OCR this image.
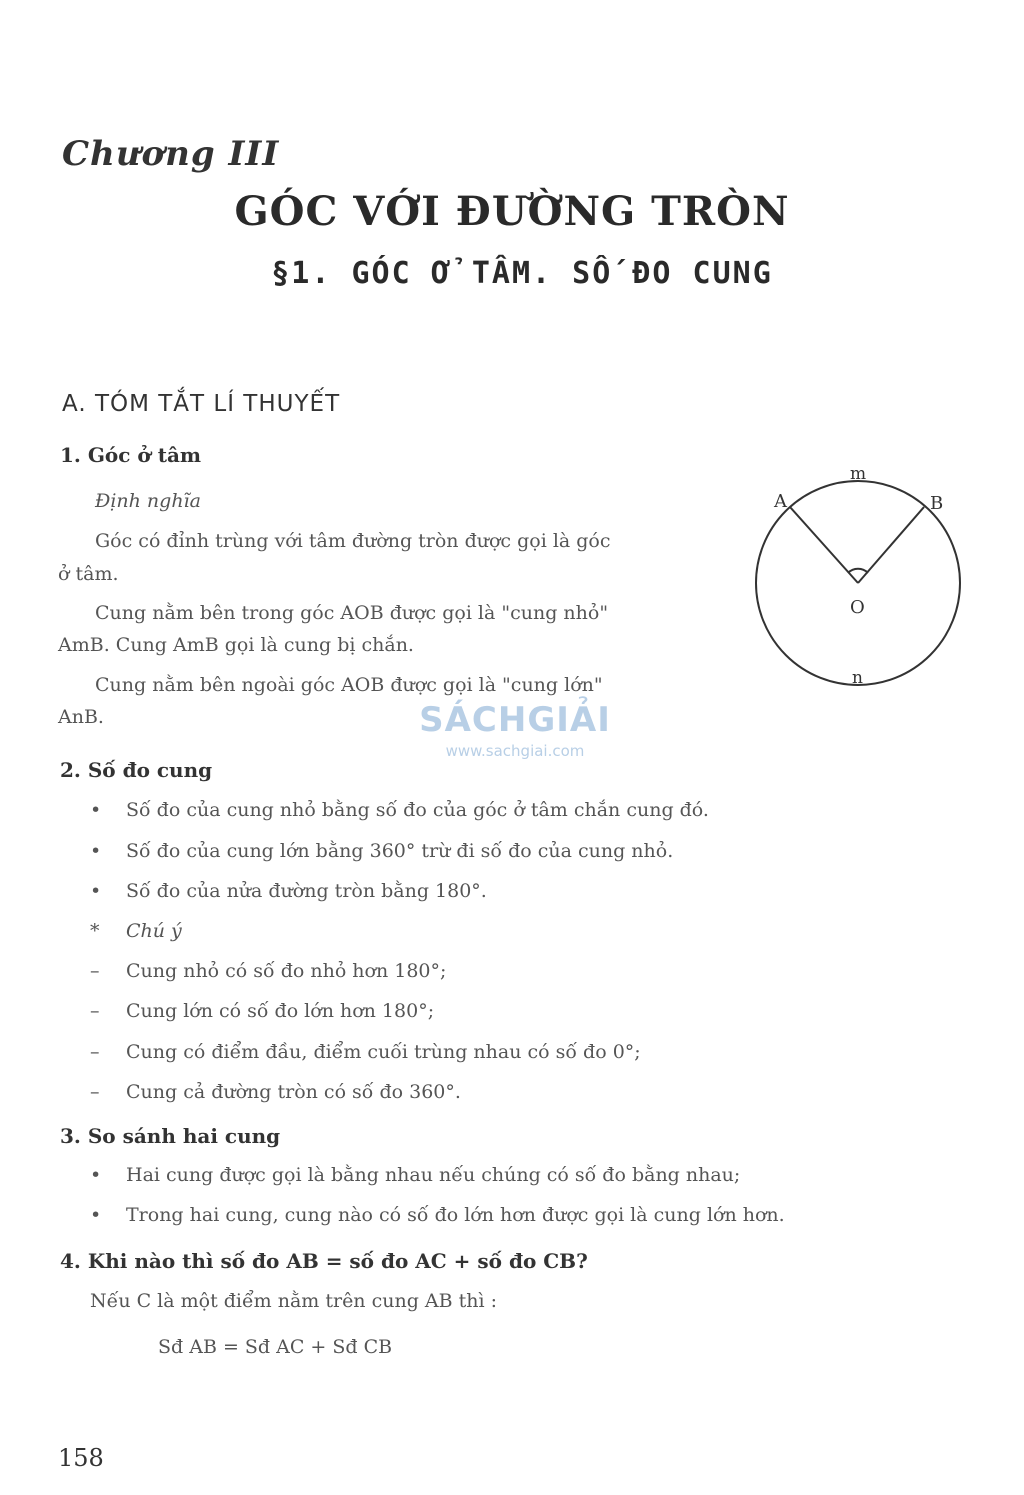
Chương III
GÓC VỚI ĐƯỜNG TRÒN
§1. GÓC Ở TÂM. SỐ ĐO CUNG
A. TÓM TẮT LÍ THUYẾT
1. Góc ở tâm
Định nghĩa
Góc có đỉnh trùng với tâm đường tròn được gọi là góc
ở tâm.
Cung nằm bên trong góc AOB được gọi là "cung nhỏ"
AmB. Cung AmB gọi là cung bị chắn.
Cung nằm bên ngoài góc AOB được gọi là "cung lớn"
AnB.
A	B
O
m
n
SÁCHGIẢI
www.sachgiai.com
2. Số đo cung
• Số đo của cung nhỏ bằng số đo của góc ở tâm chắn cung đó.
• Số đo của cung lớn bằng 360° trừ đi số đo của cung nhỏ.
• Số đo của nửa đường tròn bằng 180°.
* Chú ý
– Cung nhỏ có số đo nhỏ hơn 180°;
– Cung lớn có số đo lớn hơn 180°;
– Cung có điểm đầu, điểm cuối trùng nhau có số đo 0°;
– Cung cả đường tròn có số đo 360°.
3. So sánh hai cung
• Hai cung được gọi là bằng nhau nếu chúng có số đo bằng nhau;
• Trong hai cung, cung nào có số đo lớn hơn được gọi là cung lớn hơn.
4. Khi nào thì số đo AB = số đo AC + số đo CB?
Nếu C là một điểm nằm trên cung AB thì :
Sđ AB = Sđ AC + Sđ CB
158
